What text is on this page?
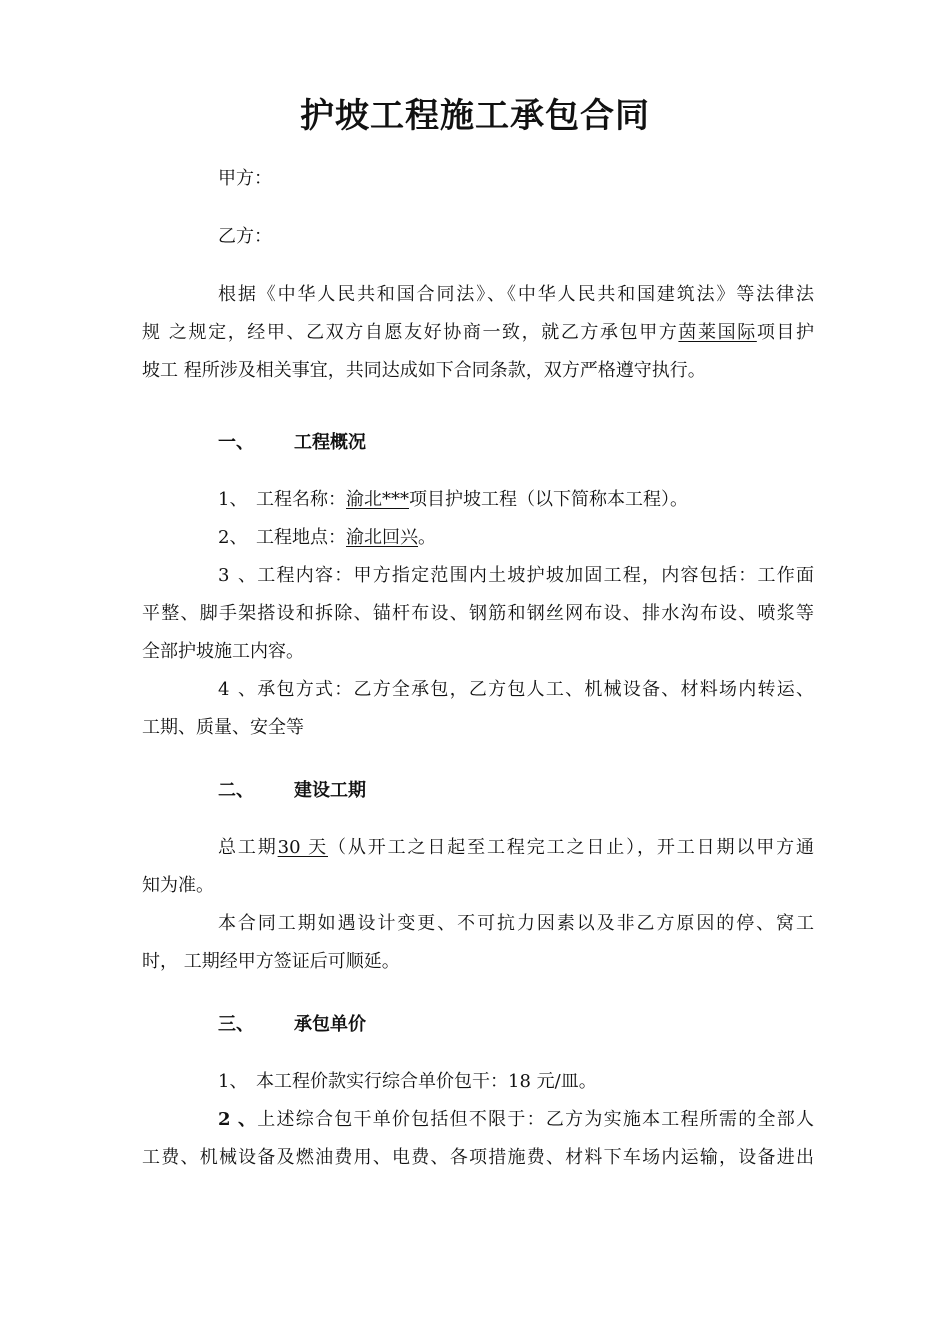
护坡工程施工承包合同
甲方：
乙方：
根据《中华人民共和国合同法》、《中华人民共和国建筑法》等法律法
规 之规定，经甲、乙双方自愿友好协商一致，就乙方承包甲方茵莱国际项目护
坡工 程所涉及相关事宜，共同达成如下合同条款，双方严格遵守执行。
一、	工程概况
1、 工程名称：渝北***项目护坡工程（以下简称本工程）。
2、 工程地点：渝北回兴。
3、工程内容：甲方指定范围内土坡护坡加固工程，内容包括：工作面
平整、脚手架搭设和拆除、锚杆布设、钢筋和钢丝网布设、排水沟布设、喷浆等
全部护坡施工内容。
4、承包方式：乙方全承包，乙方包人工、机械设备、材料场内转运、
工期、质量、安全等
二、	建设工期
总工期30 天（从开工之日起至工程完工之日止），开工日期以甲方通
知为准。
本合同工期如遇设计变更、不可抗力因素以及非乙方原因的停、窝工
时， 工期经甲方签证后可顺延。
三、	承包单价
1、 本工程价款实行综合单价包干：18 元/皿。
2、上述综合包干单价包括但不限于：乙方为实施本工程所需的全部人
工费、机械设备及燃油费用、电费、各项措施费、材料下车场内运输，设备进出
